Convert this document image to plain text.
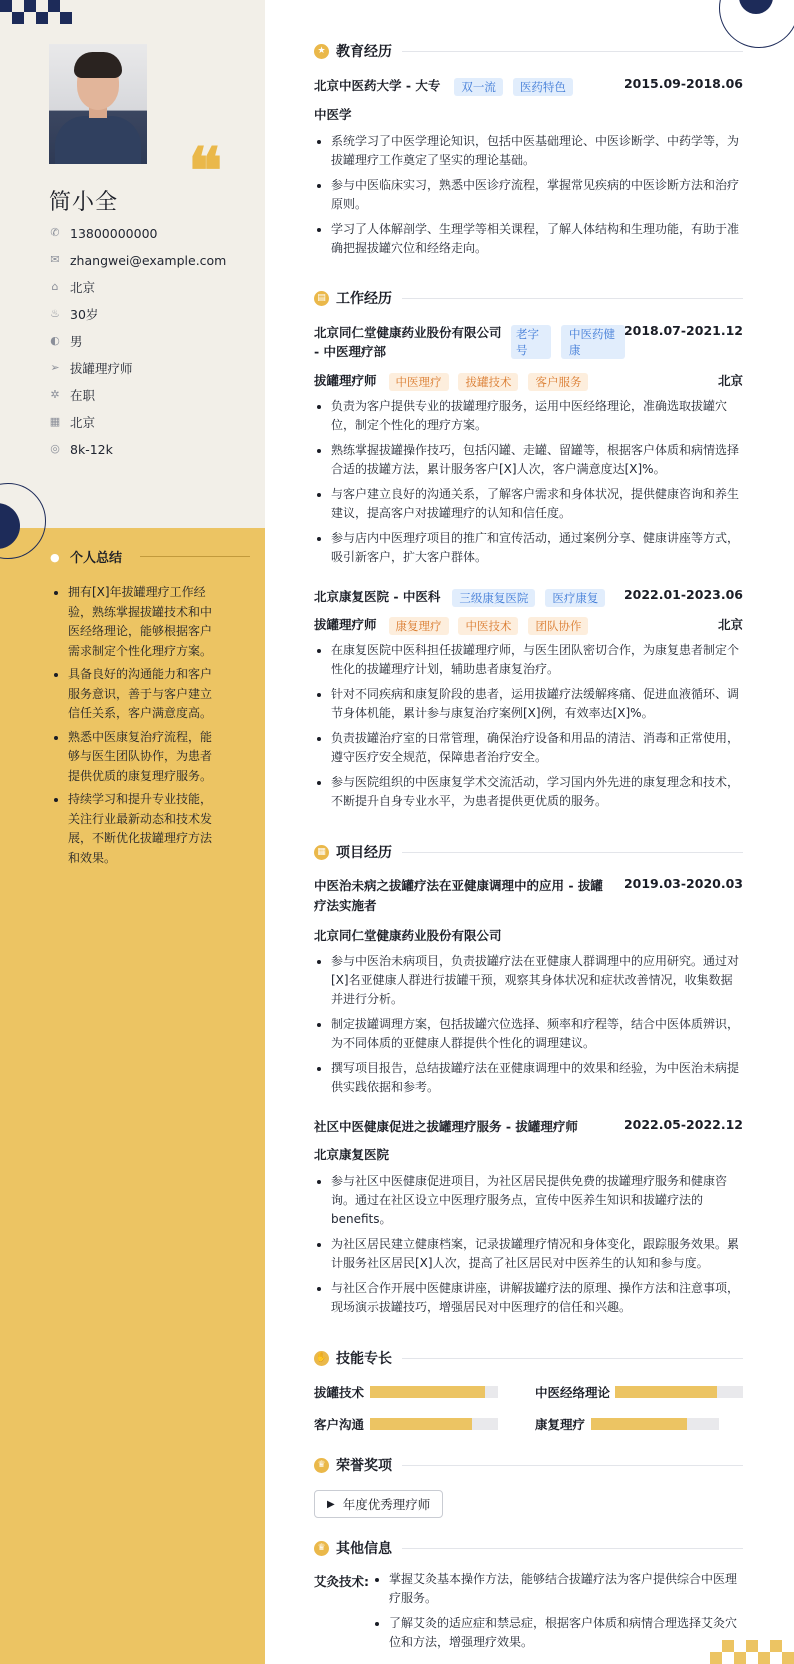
❝
简小全
✆ 13800000000
✉ zhangwei@example.com
⌂ 北京
♨ 30岁
◐ 男
➢ 拔罐理疗师
✲ 在职
▦ 北京
◎ 8k-12k
● 个人总结
拥有[X]年拔罐理疗工作经验，熟练掌握拔罐技术和中医经络理论，能够根据客户需求制定个性化理疗方案。
具备良好的沟通能力和客户服务意识，善于与客户建立信任关系，客户满意度高。
熟悉中医康复治疗流程，能够与医生团队协作，为患者提供优质的康复理疗服务。
持续学习和提升专业技能，关注行业最新动态和技术发展，不断优化拔罐理疗方法和效果。
★ 教育经历
北京中医药大学 - 大专 双一流 医药特色	2015.09-2018.06
中医学
系统学习了中医学理论知识，包括中医基础理论、中医诊断学、中药学等，为拔罐理疗工作奠定了坚实的理论基础。
参与中医临床实习，熟悉中医诊疗流程，掌握常见疾病的中医诊断方法和治疗原则。
学习了人体解剖学、生理学等相关课程，了解人体结构和生理功能，有助于准确把握拔罐穴位和经络走向。
▤ 工作经历
北京同仁堂健康药业股份有限公司 - 中医理疗部
老字号
中医药健康
2018.07-2021.12
拔罐理疗师 中医理疗 拔罐技术 客户服务	北京
负责为客户提供专业的拔罐理疗服务，运用中医经络理论，准确选取拔罐穴位，制定个性化的理疗方案。
熟练掌握拔罐操作技巧，包括闪罐、走罐、留罐等，根据客户体质和病情选择合适的拔罐方法，累计服务客户[X]人次，客户满意度达[X]%。
与客户建立良好的沟通关系，了解客户需求和身体状况，提供健康咨询和养生建议，提高客户对拔罐理疗的认知和信任度。
参与店内中医理疗项目的推广和宣传活动，通过案例分享、健康讲座等方式，吸引新客户，扩大客户群体。
北京康复医院 - 中医科 三级康复医院 医疗康复 2022.01-2023.06
拔罐理疗师 康复理疗 中医技术 团队协作	北京
在康复医院中医科担任拔罐理疗师，与医生团队密切合作，为康复患者制定个性化的拔罐理疗计划，辅助患者康复治疗。
针对不同疾病和康复阶段的患者，运用拔罐疗法缓解疼痛、促进血液循环、调节身体机能，累计参与康复治疗案例[X]例，有效率达[X]%。
负责拔罐治疗室的日常管理，确保治疗设备和用品的清洁、消毒和正常使用，遵守医疗安全规范，保障患者治疗安全。
参与医院组织的中医康复学术交流活动，学习国内外先进的康复理念和技术，不断提升自身专业水平，为患者提供更优质的服务。
▦ 项目经历
中医治未病之拔罐疗法在亚健康调理中的应用 - 拔罐疗法实施者
2019.03-2020.03
北京同仁堂健康药业股份有限公司
参与中医治未病项目，负责拔罐疗法在亚健康人群调理中的应用研究。通过对[X]名亚健康人群进行拔罐干预，观察其身体状况和症状改善情况，收集数据并进行分析。
制定拔罐调理方案，包括拔罐穴位选择、频率和疗程等，结合中医体质辨识，为不同体质的亚健康人群提供个性化的调理建议。
撰写项目报告，总结拔罐疗法在亚健康调理中的效果和经验，为中医治未病提供实践依据和参考。
社区中医健康促进之拔罐理疗服务 - 拔罐理疗师	2022.05-2022.12
北京康复医院
参与社区中医健康促进项目，为社区居民提供免费的拔罐理疗服务和健康咨询。通过在社区设立中医理疗服务点，宣传中医养生知识和拔罐疗法的benefits。
为社区居民建立健康档案，记录拔罐理疗情况和身体变化，跟踪服务效果。累计服务社区居民[X]人次，提高了社区居民对中医养生的认知和参与度。
与社区合作开展中医健康讲座，讲解拔罐疗法的原理、操作方法和注意事项，现场演示拔罐技巧，增强居民对中医理疗的信任和兴趣。
✋ 技能专长
拔罐技术	中医经络理论
客户沟通	康复理疗
♛ 荣誉奖项
▶ 年度优秀理疗师
♛ 其他信息
艾灸技术:	掌握艾灸基本操作方法，能够结合拔罐疗法为客户提供综合中医理疗服务。
了解艾灸的适应症和禁忌症，根据客户体质和病情合理选择艾灸穴位和方法，增强理疗效果。
